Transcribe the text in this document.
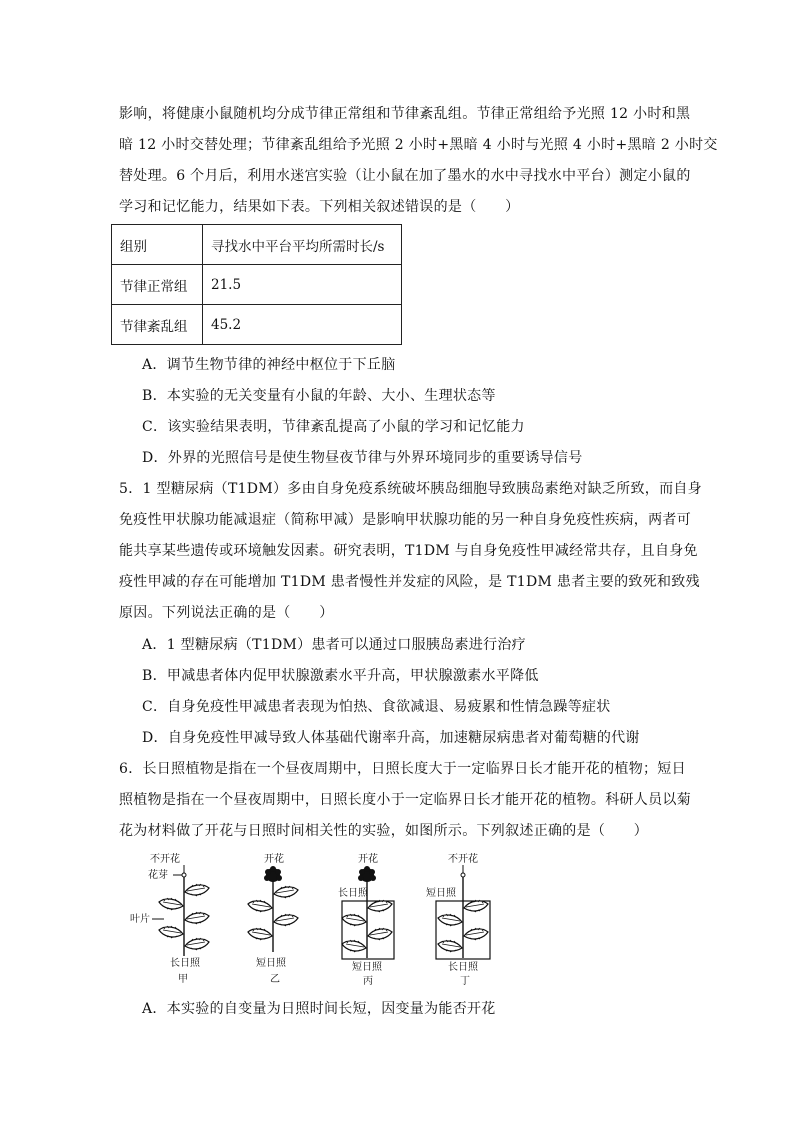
影响，将健康小鼠随机均分成节律正常组和节律紊乱组。节律正常组给予光照 12 小时和黑
暗 12 小时交替处理；节律紊乱组给予光照 2 小时+黑暗 4 小时与光照 4 小时+黑暗 2 小时交
替处理。6 个月后，利用水迷宫实验（让小鼠在加了墨水的水中寻找水中平台）测定小鼠的
组别	寻找水中平台平均所需时长/s
节律正常组	21.5
节律紊乱组	45.2
A．调节生物节律的神经中枢位于下丘脑
B．本实验的无关变量有小鼠的年龄、大小、生理状态等
C．该实验结果表明，节律紊乱提高了小鼠的学习和记忆能力
D．外界的光照信号是使生物昼夜节律与外界环境同步的重要诱导信号
5．1 型糖尿病（T1DM）多由自身免疫系统破坏胰岛细胞导致胰岛素绝对缺乏所致，而自身
免疫性甲状腺功能减退症（简称甲减）是影响甲状腺功能的另一种自身免疫性疾病，两者可
能共享某些遗传或环境触发因素。研究表明，T1DM 与自身免疫性甲减经常共存，且自身免
疫性甲减的存在可能增加 T1DM 患者慢性并发症的风险，是 T1DM 患者主要的致死和致残
原因。下列说法正确的是（　　）
A．1 型糖尿病（T1DM）患者可以通过口服胰岛素进行治疗
B．甲减患者体内促甲状腺激素水平升高，甲状腺激素水平降低
C．自身免疫性甲减患者表现为怕热、食欲减退、易疲累和性情急躁等症状
D．自身免疫性甲减导致人体基础代谢率升高，加速糖尿病患者对葡萄糖的代谢
6．长日照植物是指在一个昼夜周期中，日照长度大于一定临界日长才能开花的植物；短日
照植物是指在一个昼夜周期中，日照长度小于一定临界日长才能开花的植物。科研人员以菊
花为材料做了开花与日照时间相关性的实验，如图所示。下列叙述正确的是（　　）
不开花
花芽
叶片
长日照
甲
开花
短日照
乙
开花
长日照
短日照
丙
不开花
短日照
长日照
丁
A．本实验的自变量为日照时间长短，因变量为能否开花
学习和记忆能力，结果如下表。下列相关叙述错误的是（　　）
